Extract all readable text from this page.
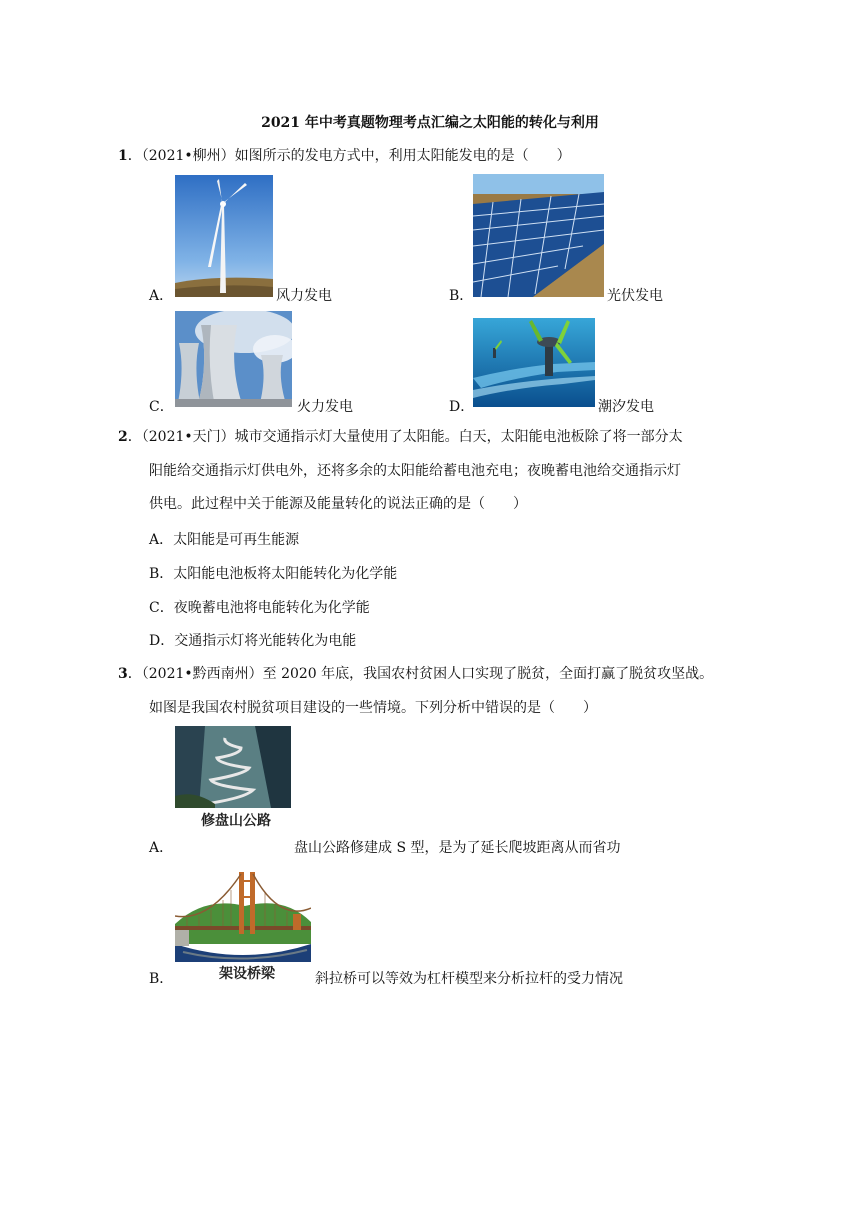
2021 年中考真题物理考点汇编之太阳能的转化与利用
1．（2021•柳州）如图所示的发电方式中，利用太阳能发电的是（　　）
A．	风力发电	B．	光伏发电
C．	火力发电	D．	潮汐发电
2．（2021•天门）城市交通指示灯大量使用了太阳能。白天，太阳能电池板除了将一部分太
阳能给交通指示灯供电外，还将多余的太阳能给蓄电池充电；夜晚蓄电池给交通指示灯
供电。此过程中关于能源及能量转化的说法正确的是（　　）
A．太阳能是可再生能源
B．太阳能电池板将太阳能转化为化学能
C．夜晚蓄电池将电能转化为化学能
D．交通指示灯将光能转化为电能
3．（2021•黔西南州）至 2020 年底，我国农村贫困人口实现了脱贫，全面打赢了脱贫攻坚战。
如图是我国农村脱贫项目建设的一些情境。下列分析中错误的是（　　）
修盘山公路
A．	盘山公路修建成 S 型，是为了延长爬坡距离从而省功
架设桥梁
B．	斜拉桥可以等效为杠杆模型来分析拉杆的受力情况
